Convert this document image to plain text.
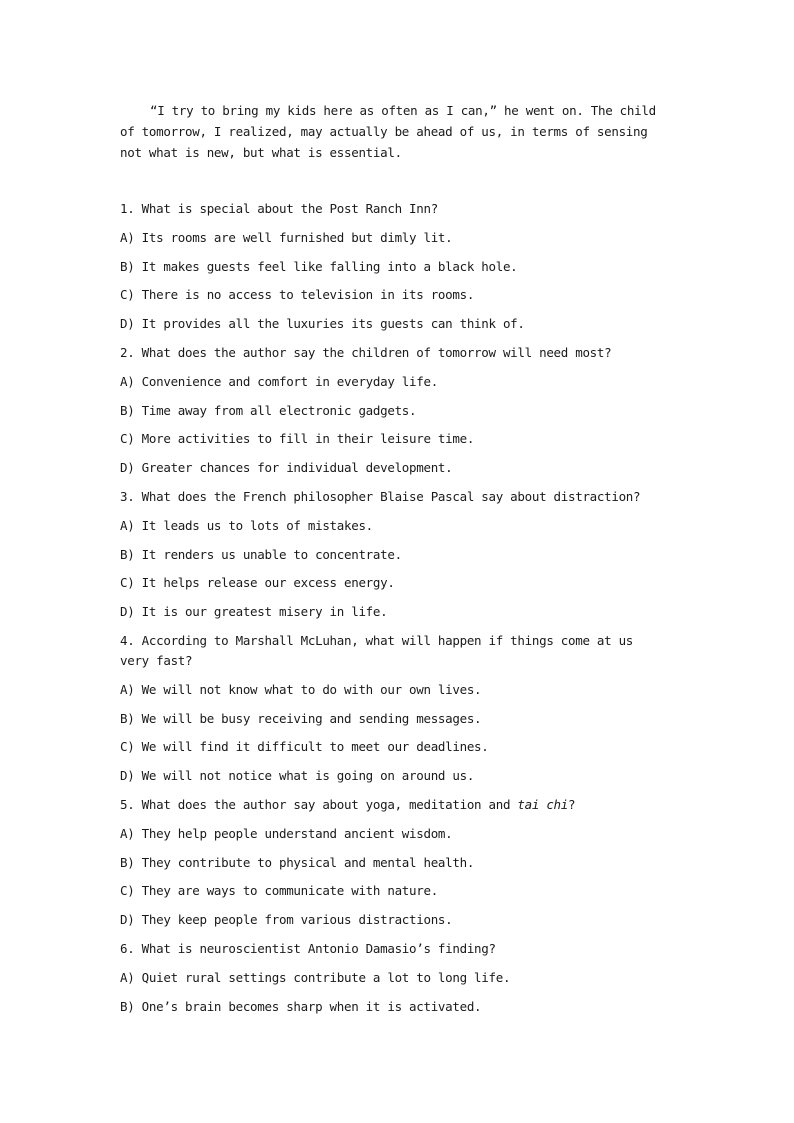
“I try to bring my kids here as often as I can,” he went on. The child of tomorrow, I realized, may actually be ahead of us, in terms of sensing not what is new, but what is essential.

1. What is special about the Post Ranch Inn?
A) Its rooms are well furnished but dimly lit.
B) It makes guests feel like falling into a black hole.
C) There is no access to television in its rooms.
D) It provides all the luxuries its guests can think of.
2. What does the author say the children of tomorrow will need most?
A) Convenience and comfort in everyday life.
B) Time away from all electronic gadgets.
C) More activities to fill in their leisure time.
D) Greater chances for individual development.
3. What does the French philosopher Blaise Pascal say about distraction?
A) It leads us to lots of mistakes.
B) It renders us unable to concentrate.
C) It helps release our excess energy.
D) It is our greatest misery in life.
4. According to Marshall McLuhan, what will happen if things come at us very fast?
A) We will not know what to do with our own lives.
B) We will be busy receiving and sending messages.
C) We will find it difficult to meet our deadlines.
D) We will not notice what is going on around us.
5. What does the author say about yoga, meditation and tai chi?
A) They help people understand ancient wisdom.
B) They contribute to physical and mental health.
C) They are ways to communicate with nature.
D) They keep people from various distractions.
6. What is neuroscientist Antonio Damasio’s finding?
A) Quiet rural settings contribute a lot to long life.
B) One’s brain becomes sharp when it is activated.
